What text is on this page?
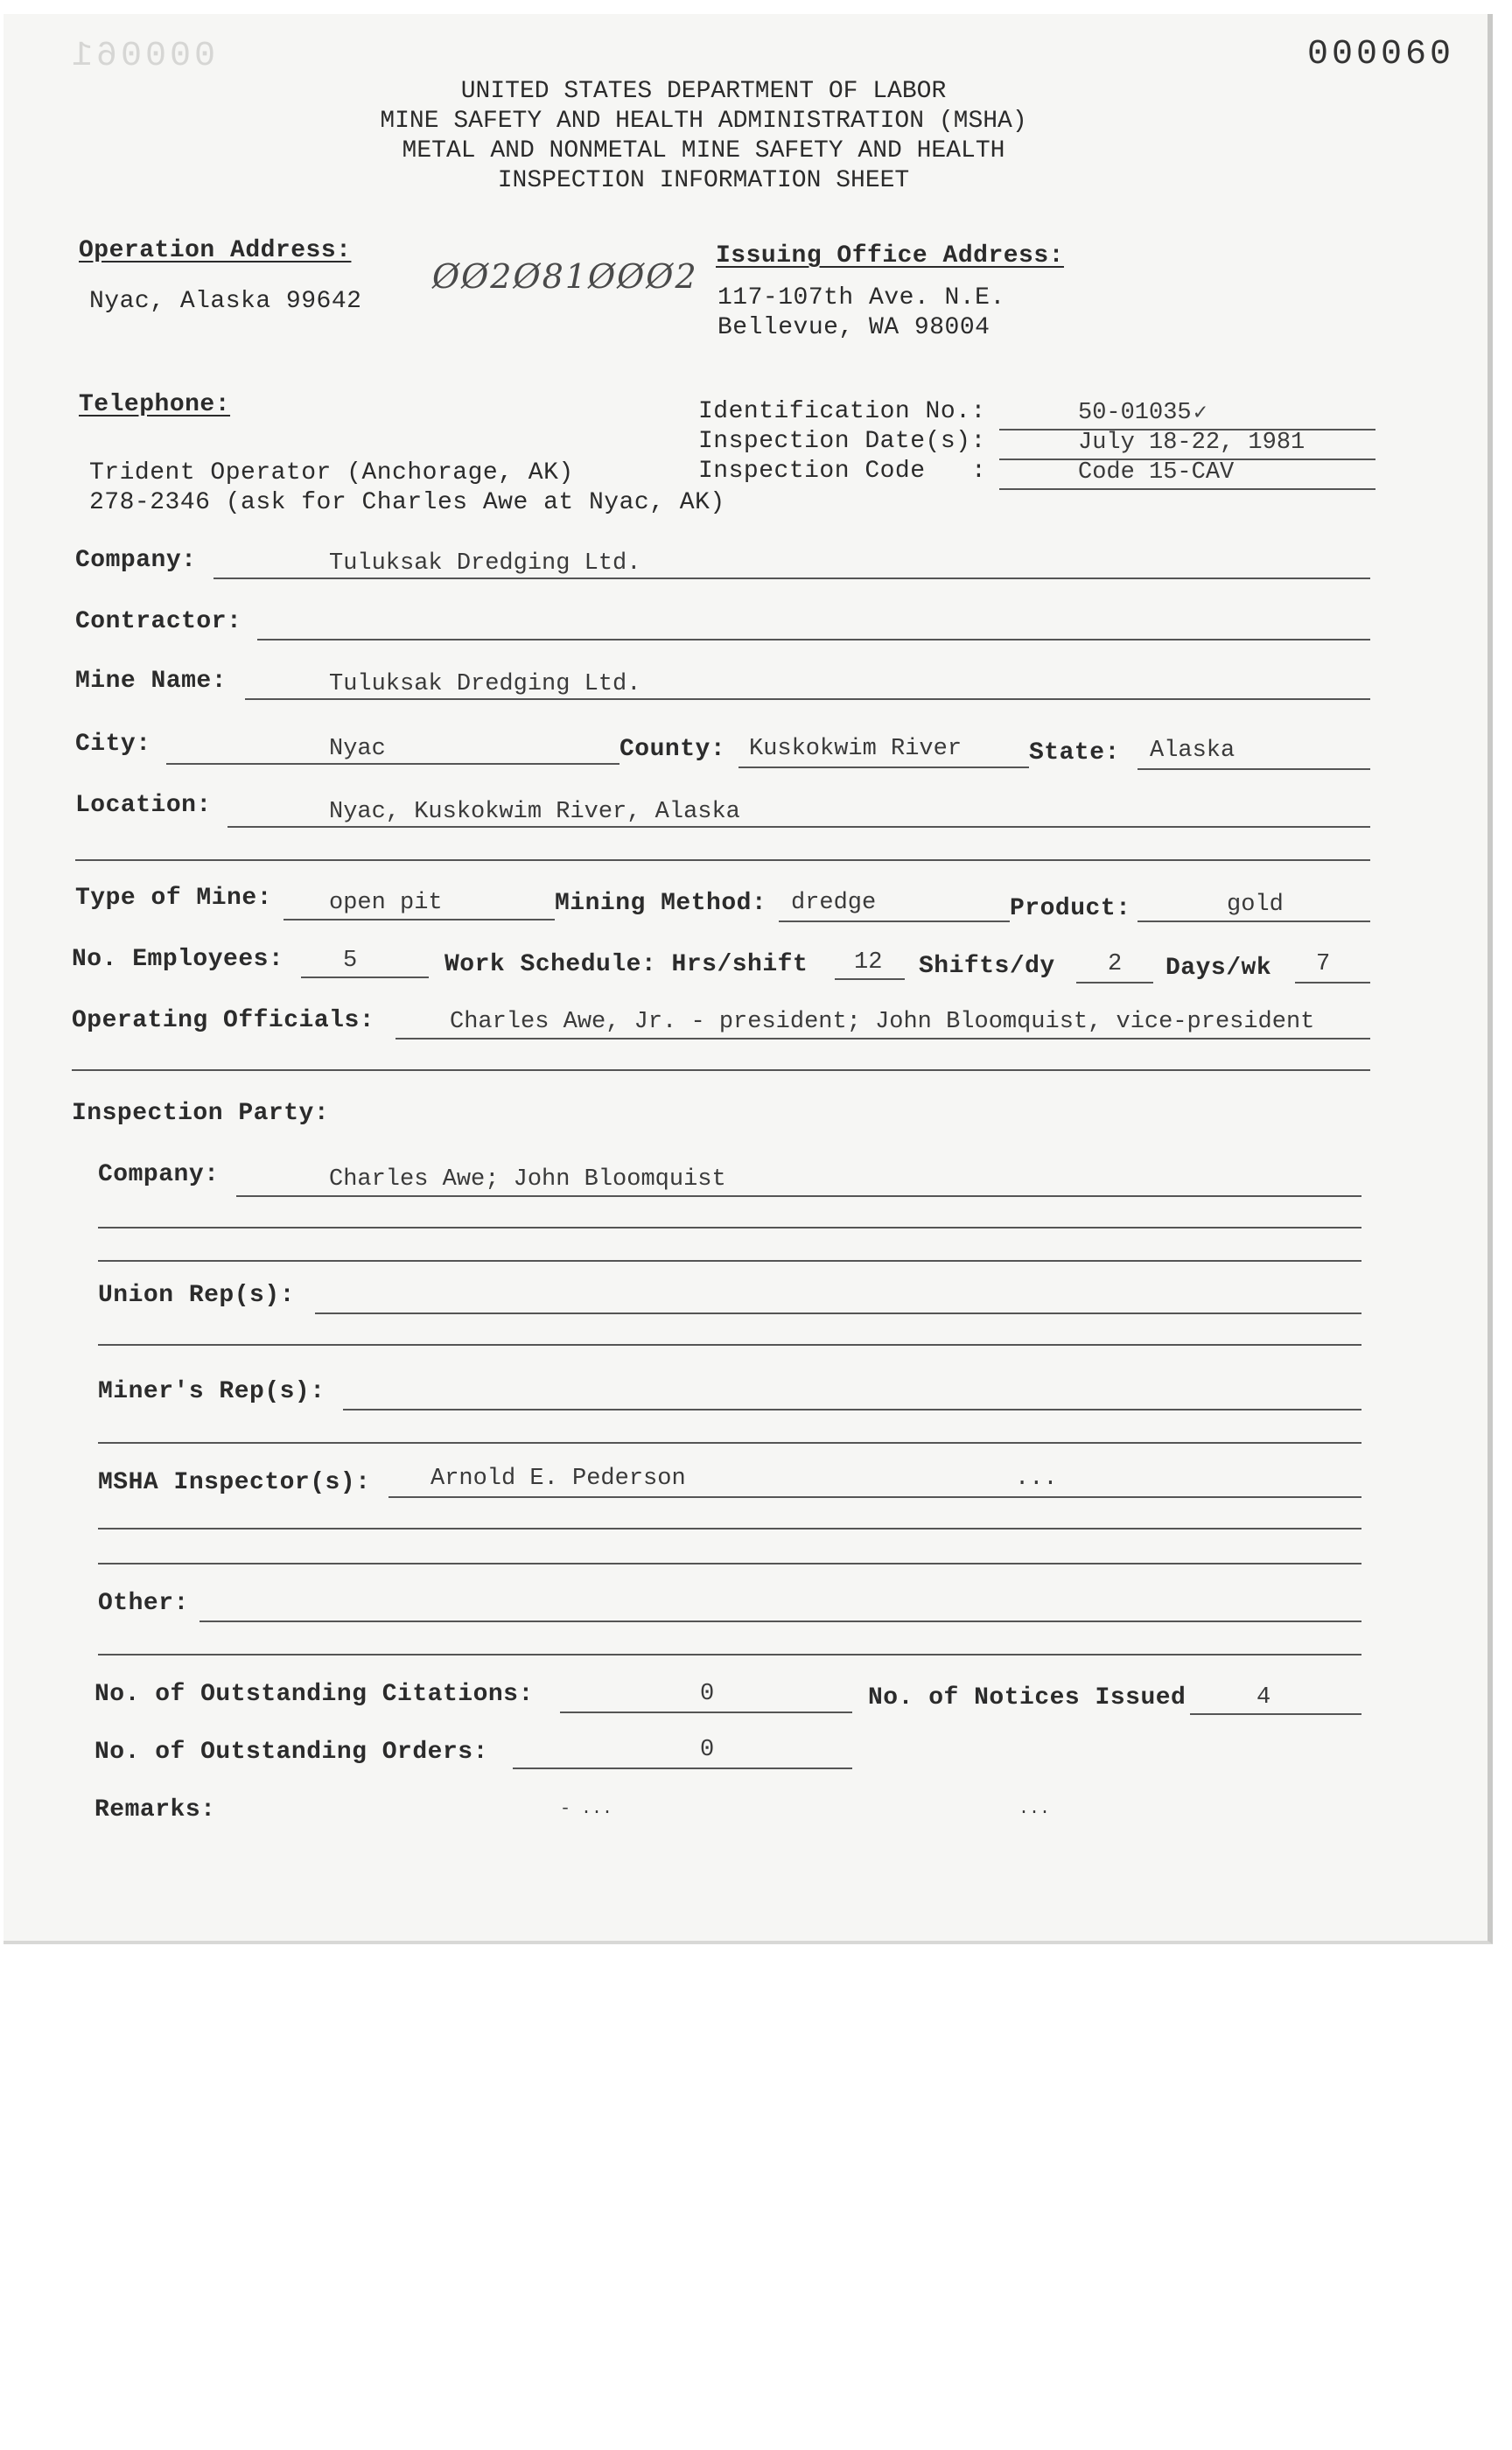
000060
000061
UNITED STATES DEPARTMENT OF LABOR
MINE SAFETY AND HEALTH ADMINISTRATION (MSHA)
METAL AND NONMETAL MINE SAFETY AND HEALTH
INSPECTION INFORMATION SHEET
Operation Address:
Nyac, Alaska 99642
ØØ2Ø81ØØØ2
Issuing Office Address:
117-107th Ave. N.E.
Bellevue, WA 98004
Telephone:
Trident Operator (Anchorage, AK)
278-2346 (ask for Charles Awe at Nyac, AK)
Identification No.:	50-01035 ✓
Inspection Date(s):	July 18-22, 1981
Inspection Code :	Code 15-CAV
Company:	Tuluksak Dredging Ltd.
Contractor:
Mine Name:	Tuluksak Dredging Ltd.
City:	Nyac	County: Kuskokwim River	State: Alaska
Location:	Nyac, Kuskokwim River, Alaska
Type of Mine: open pit	Mining Method: dredge	Product:	gold
No. Employees:	5	Work Schedule: Hrs/shift 12 Shifts/dy 2 Days/wk 7
Operating Officials:	Charles Awe, Jr. - president; John Bloomquist, vice-president
Inspection Party:
Company:	Charles Awe; John Bloomquist
Union Rep(s):
Miner's Rep(s):
MSHA Inspector(s):	Arnold E. Pederson	...
Other:
No. of Outstanding Citations:	0	No. of Notices Issued	4
No. of Outstanding Orders:	0
Remarks:	- ...	...
